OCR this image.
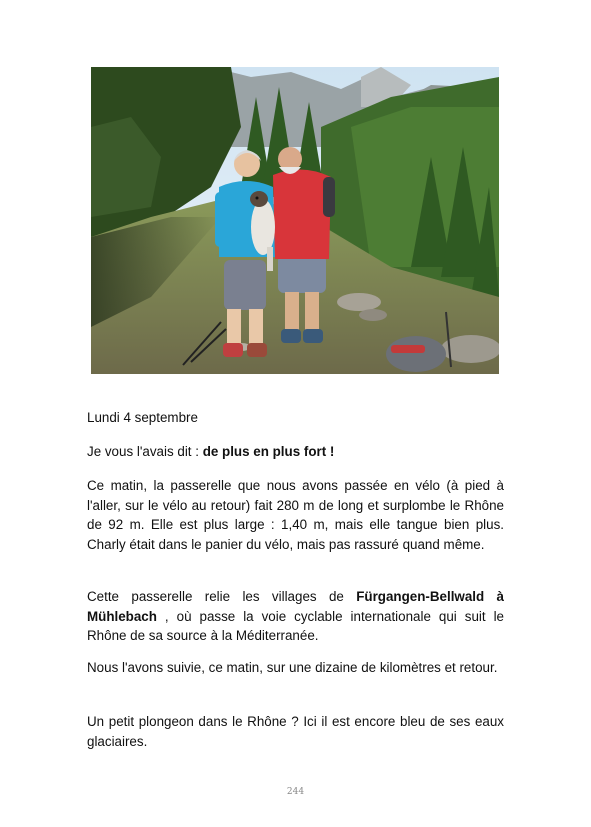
Lundi 4 septembre

Je vous l'avais dit : de plus en plus fort !

Ce matin, la passerelle que nous avons passée en vélo (à pied à l'aller, sur le vélo au retour) fait 280 m de long et surplombe le Rhône de 92 m. Elle est plus large : 1,40 m, mais elle tangue bien plus. Charly était dans le panier du vélo, mais pas rassuré quand même.

Cette passerelle relie les villages de Fürgangen-Bellwald à Mühlebach , où passe la voie cyclable internationale qui suit le Rhône de sa source à la Méditerranée.

Nous l'avons suivie, ce matin, sur une dizaine de kilomètres et retour.

Un petit plongeon dans le Rhône ? Ici il est encore bleu de ses eaux glaciaires.

244
